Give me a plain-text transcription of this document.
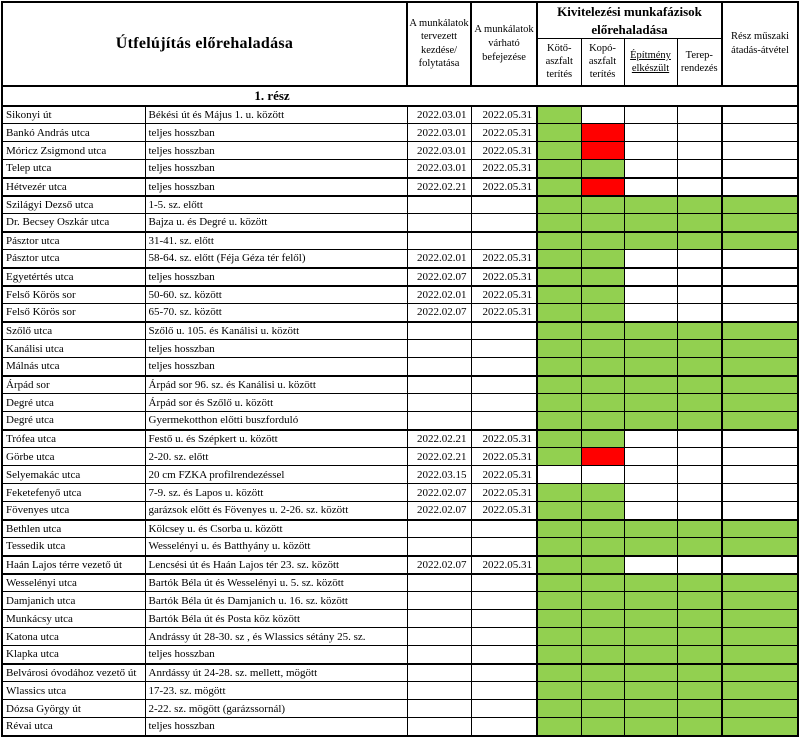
Útfelújítás előrehaladása		A munkálatok tervezett kezdése/ folytatása	A munkálatok várható befejezése	Kivitelezési munkafázisok előrehaladása				Rész műszaki átadás-átvétel
				Kötő-aszfalt terítés	Kopó-aszfalt terítés	Építmény elkészült	Terep-rendezés	
1. rész								
Sikonyi út	Békési út és Május 1. u. között	2022.03.01	2022.05.31					
Bankó András utca	teljes hosszban	2022.03.01	2022.05.31					
Móricz Zsigmond utca	teljes hosszban	2022.03.01	2022.05.31					
Telep utca	teljes hosszban	2022.03.01	2022.05.31					
Hétvezér utca	teljes hosszban	2022.02.21	2022.05.31					
Szilágyi Dezső utca	1-5. sz. előtt							
Dr. Becsey Oszkár utca	Bajza u. és Degré u. között							
Pásztor utca	31-41. sz. előtt							
Pásztor utca	58-64. sz. előtt (Féja Géza tér felől)	2022.02.01	2022.05.31					
Egyetértés utca	teljes hosszban	2022.02.07	2022.05.31					
Felső Körös sor	50-60. sz. között	2022.02.01	2022.05.31					
Felső Körös sor	65-70. sz. között	2022.02.07	2022.05.31					
Szőlő utca	Szőlő u. 105. és Kanálisi u. között							
Kanálisi utca	teljes hosszban							
Málnás utca	teljes hosszban							
Árpád sor	Árpád sor 96. sz. és Kanálisi u. között							
Degré utca	Árpád sor és Szőlő u. között							
Degré utca	Gyermekotthon előtti buszforduló							
Trófea utca	Festő u. és Szépkert u. között	2022.02.21	2022.05.31					
Görbe utca	2-20. sz. előtt	2022.02.21	2022.05.31					
Selyemakác utca	20 cm FZKA profilrendezéssel	2022.03.15	2022.05.31					
Feketefenyő utca	7-9. sz. és Lapos u. között	2022.02.07	2022.05.31					
Fövenyes utca	garázsok előtt és Fövenyes u. 2-26. sz. között	2022.02.07	2022.05.31					
Bethlen utca	Kölcsey u. és Csorba u. között							
Tessedik utca	Wesselényi u. és Batthyány u. között							
Haán Lajos térre vezető út	Lencsési út és Haán Lajos tér 23. sz. között	2022.02.07	2022.05.31					
Wesselényi utca	Bartók Béla út és Wesselényi u. 5. sz. között							
Damjanich utca	Bartók Béla út és Damjanich u. 16. sz. között							
Munkácsy utca	Bartók Béla út és Posta köz között							
Katona utca	Andrássy út 28-30. sz , és Wlassics sétány 25. sz.							
Klapka utca	teljes hosszban							
Belvárosi óvodához vezető út	Anrdássy út 24-28. sz. mellett, mögött							
Wlassics utca	17-23. sz. mögött							
Dózsa György út	2-22. sz. mögött (garázssornál)							
Révai utca	teljes hosszban							
